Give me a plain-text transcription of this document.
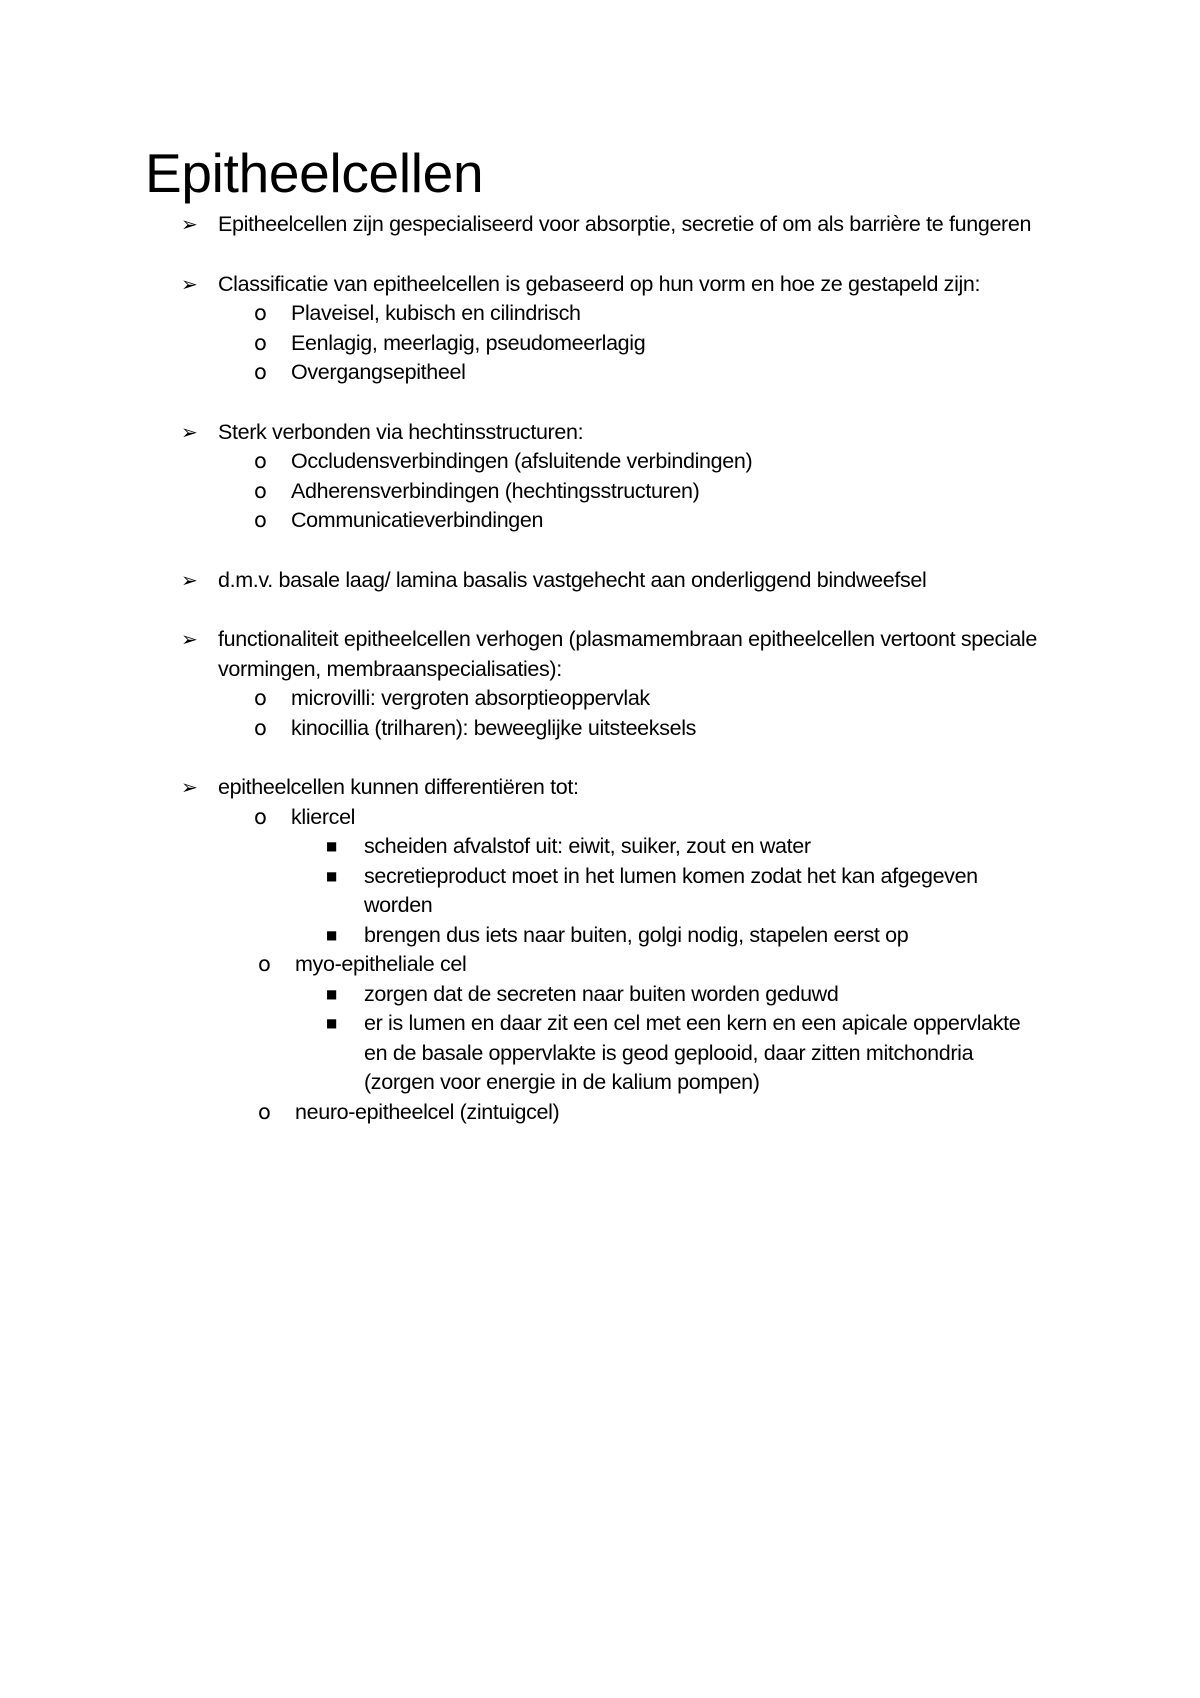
Epitheelcellen

➢ Epitheelcellen zijn gespecialiseerd voor absorptie, secretie of om als barrière te fungeren

➢ Classificatie van epitheelcellen is gebaseerd op hun vorm en hoe ze gestapeld zijn:

o Plaveisel, kubisch en cilindrisch

o Eenlagig, meerlagig, pseudomeerlagig

o Overgangsepitheel

➢ Sterk verbonden via hechtinsstructuren:

o Occludensverbindingen (afsluitende verbindingen)

o Adherensverbindingen (hechtingsstructuren)

o Communicatieverbindingen

➢ d.m.v. basale laag/ lamina basalis vastgehecht aan onderliggend bindweefsel

➢ functionaliteit epitheelcellen verhogen (plasmamembraan epitheelcellen vertoont speciale vormingen, membraanspecialisaties):

o microvilli: vergroten absorptieoppervlak

o kinocillia (trilharen): beweeglijke uitsteeksels

➢ epitheelcellen kunnen differentiëren tot:

o kliercel

■ scheiden afvalstof uit: eiwit, suiker, zout en water

■ secretieproduct moet in het lumen komen zodat het kan afgegeven worden

■ brengen dus iets naar buiten, golgi nodig, stapelen eerst op

o myo-epitheliale cel

■ zorgen dat de secreten naar buiten worden geduwd

■ er is lumen en daar zit een cel met een kern en een apicale oppervlakte en de basale oppervlakte is geod geplooid, daar zitten mitchondria (zorgen voor energie in de kalium pompen)

o neuro-epitheelcel (zintuigcel)
